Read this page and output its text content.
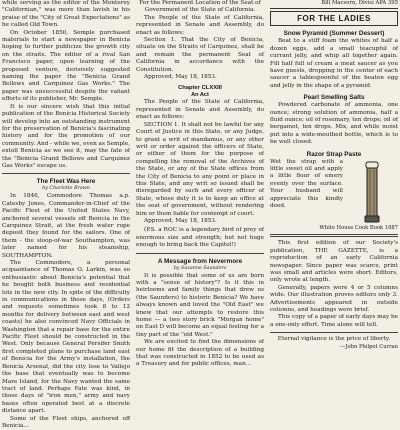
while serving as the editor of the Monterey "Californian," was more than lavish in his praise of the "City of Great Expectations" as he called Old Town.

On October 1850, Semple purchased materials to start a newspaper in Benicia hoping to further publicize the growth city on the straits. The editor of a rival San Francisco paper, upon learning of the proposed venture, derisively suggested naming the paper the "Benicia Grand Bellows and Carquinez Gas Works." The paper was unsuccessful despite the valiant efforts of its publisher, Mr. Semple.

It is our sincere wish that this initial publication of the Benicia Historical Society will develop into an outstanding instrument for the preservation of Benicia's fascinating history and for the promotion of our community. And - while we, even as Semple, extoll Benicia as we see it, may the fate of the "Benicia Grand Bellows and Carquinez Gas Works" escape us.

The Fleet Was Here
by Charlotte Brown

In 1846, Commodore Thomas a.p. Catesby Jones, Commander-in-Chief of the Pacific Fleet of the United States Navy, anchored several vessels off Benicia in the Carquinez Strait, at the fresh water rope deposit they found for the sailors. One of them - the sloop-of-war Southampton, was later named for his steamship, SOUTHAMPTON.

The Commodore, a personal acquaintance of Thomas O. Larkin, was so enthusiastic about Benicia's potential that he bought both business and residential lots in the new city. In spite of the difficulty in communications in those days, (Orders and requests sometimes took 8 to 12 months for delivery between east and west coasts) he also convinced Navy Officials in Washington that a repair base for the entire Pacific Fleet should be constructed in the West. Only because General Persifer Smith first completed plans to purchase land east of Benicia for the Army's installation, the Benicia Arsenal, did the city lose to Vallejo the base that eventually was to become Mare Island, for the Navy wanted the same tract of land. Perhaps Fate was kind, in those days of "iron men," army and navy bases often operated best at a discrete distance apart.

Some of the Fleet ships, anchored off Benicia...

For the Permanent Location of the Seat of Government of the State of California.

The People of the State of California, represented in Senate and Assembly, do enact as follows:

Section 1. That the City of Benicia, situate on the Straits of Carquinez, shall be and remain the permanent Seat of California in accordance with the Constitution.

Approved, May 18, 1853.

Chapter CLXXIII
An Act

The People of the State of California, represented in Senate and Assembly, do enact as follows:

SECTION 1. It shall not be lawful for any Court of Justice in this State, or any Judge, to grant a writ of mandamus, or any other writ or order against the officers of State, or either of them for the purpose of compelling the removal of the Archives of the State, or any of the State offices from the City of Benicia to any point or place in this State, and any writ so issued shall be disregarded by such and every officer of State, whose duty it is to keep an office at the seat of government, without rendering him or them liable for contempt of court.

Approved, May 18, 1853.

(P.S. a ROC is a legendary bird of prey of enormous size and strength; but not huge enough to bring back the Capitol!)

A Message from Nevermore
by Suzanne Saunders

It is possible that some of us are born with a "sense of history"? Is it this in heirlooms and family things that drew us (the Saunders) to historic Benicia? We have always known and loved the "Old East" we knew that our attempts to restore this home — a two story brick "Morgan home" on East D will become an equal feeling for a tiny part of the "old West."

We are excited to find the dimensions of our home fit the description of a building that was constructed in 1852 to be used as a Treasury and for public offices, man...

Bill Macsorn, Divisi APA 395
FOR THE LADIES
Snow Pyramid (Summer Dessert)

Beat to a stiff foam the whites of half a dozen eggs, add a small teacupful of currant jelly, and whip all together again. Fill half full of cream a meat saucer as you have guests, dropping in the center of each saucer a tablespoonful of the beaten egg and jelly in the shape of a pyramid.

Pearl Smelling Salts

Powdered carbonate of ammonia, one ounce; strong solution of ammonia, half a fluid ounce; oil of rosemary, ten drops; oil of bergamot, ten drops. Mix, and while moist put into a wide-mouthed bottle, which is to be well closed.

Razor Strap Paste

Wet the strap with a little sweet oil and apply a little flour of emery evenly over the surface. Your husband will appreciate this kindly deed.

White House Cook Book 1887

This first edition of our Society's publication, THE GAZETTE, is a reproduction of an early California newspaper. Since paper was scarce, print was small and articles were short. Editors, only wrote at length.

Generally, papers were 4 or 5 columns wide. Our illustration proves editors only 3. Advertisements appeared in outside columns, and headings were brief.

This copy of a paper of early days may be a one-only effort. Time alone will tell.

Eternal vigilance is the price of liberty.

—John Philpot Curran
